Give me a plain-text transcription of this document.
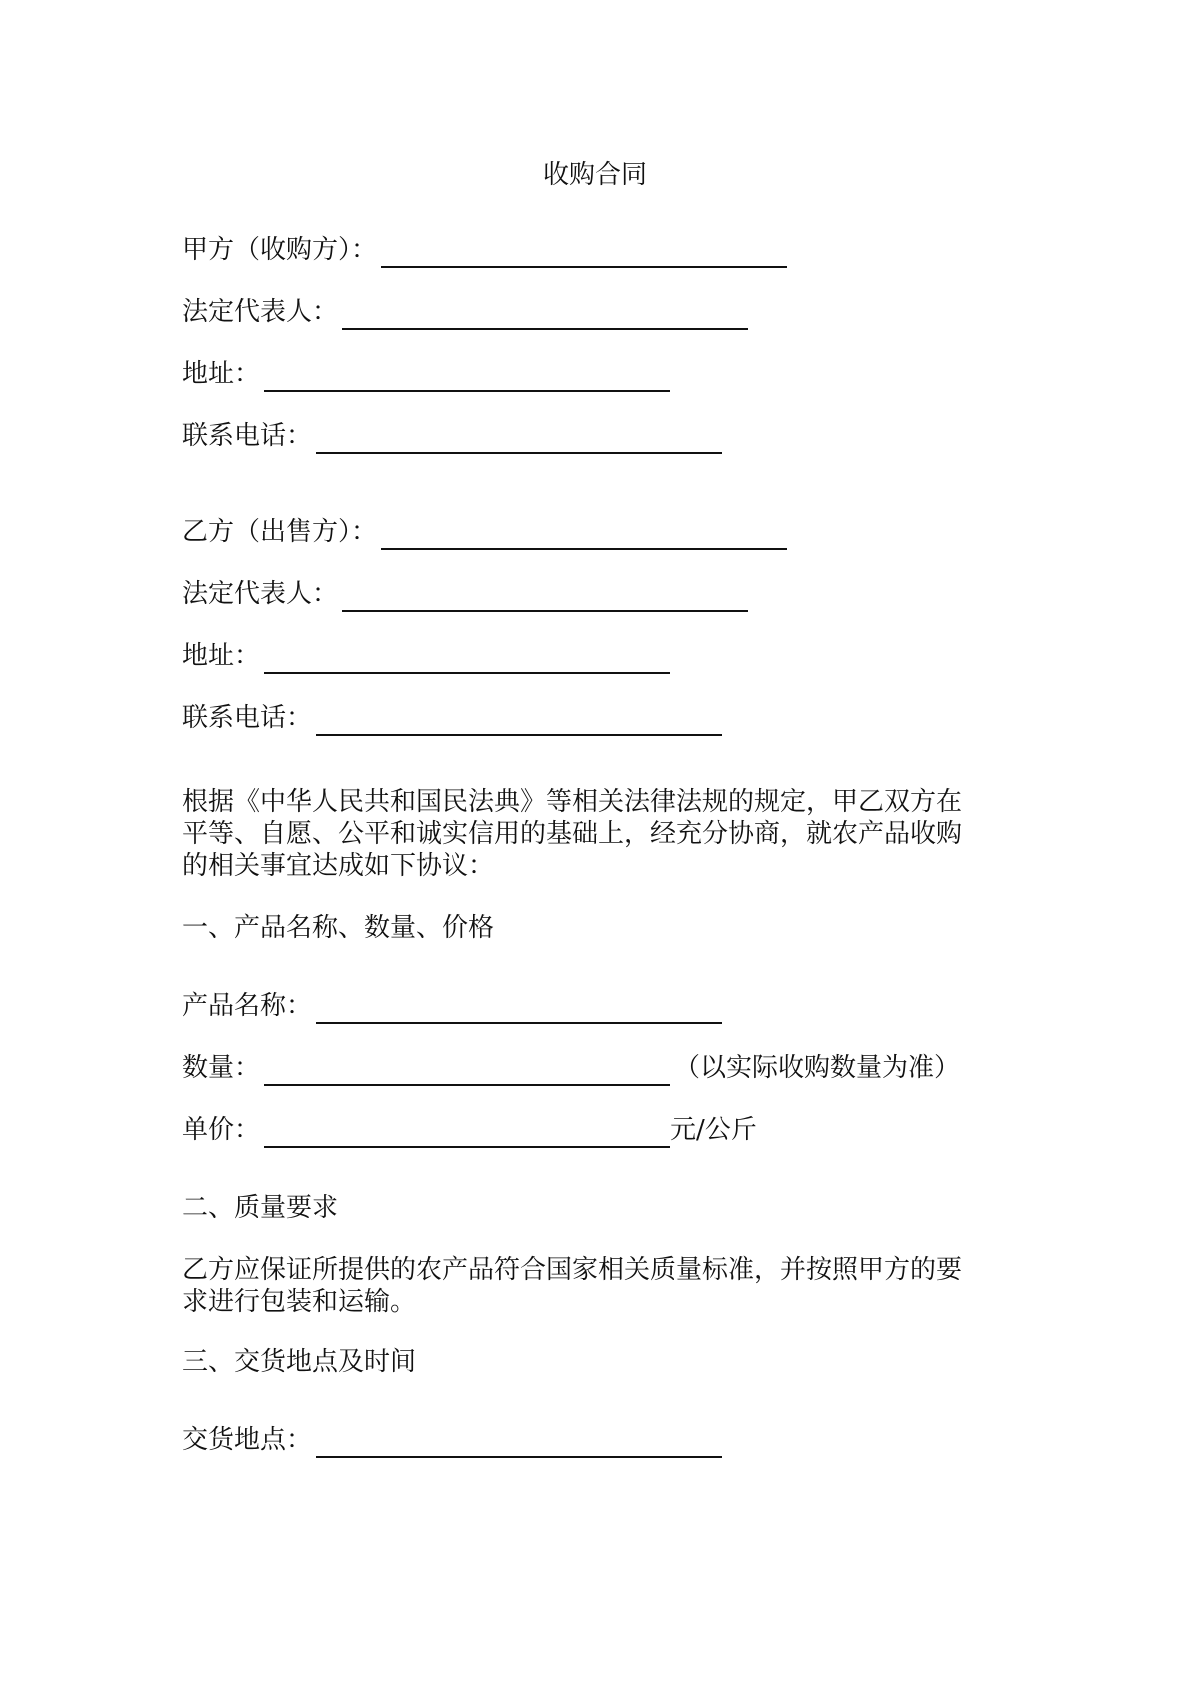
收购合同
甲方（收购方）：
法定代表人：
地址：
联系电话：
乙方（出售方）：
法定代表人：
地址：
联系电话：

根据《中华人民共和国民法典》等相关法律法规的规定，甲乙双方在

平等、自愿、公平和诚实信用的基础上，经充分协商，就农产品收购

的相关事宜达成如下协议：

一、产品名称、数量、价格
产品名称：
数量：	（以实际收购数量为准）
单价：	元/公斤
二、质量要求

乙方应保证所提供的农产品符合国家相关质量标准，并按照甲方的要

求进行包装和运输。

三、交货地点及时间
交货地点：
